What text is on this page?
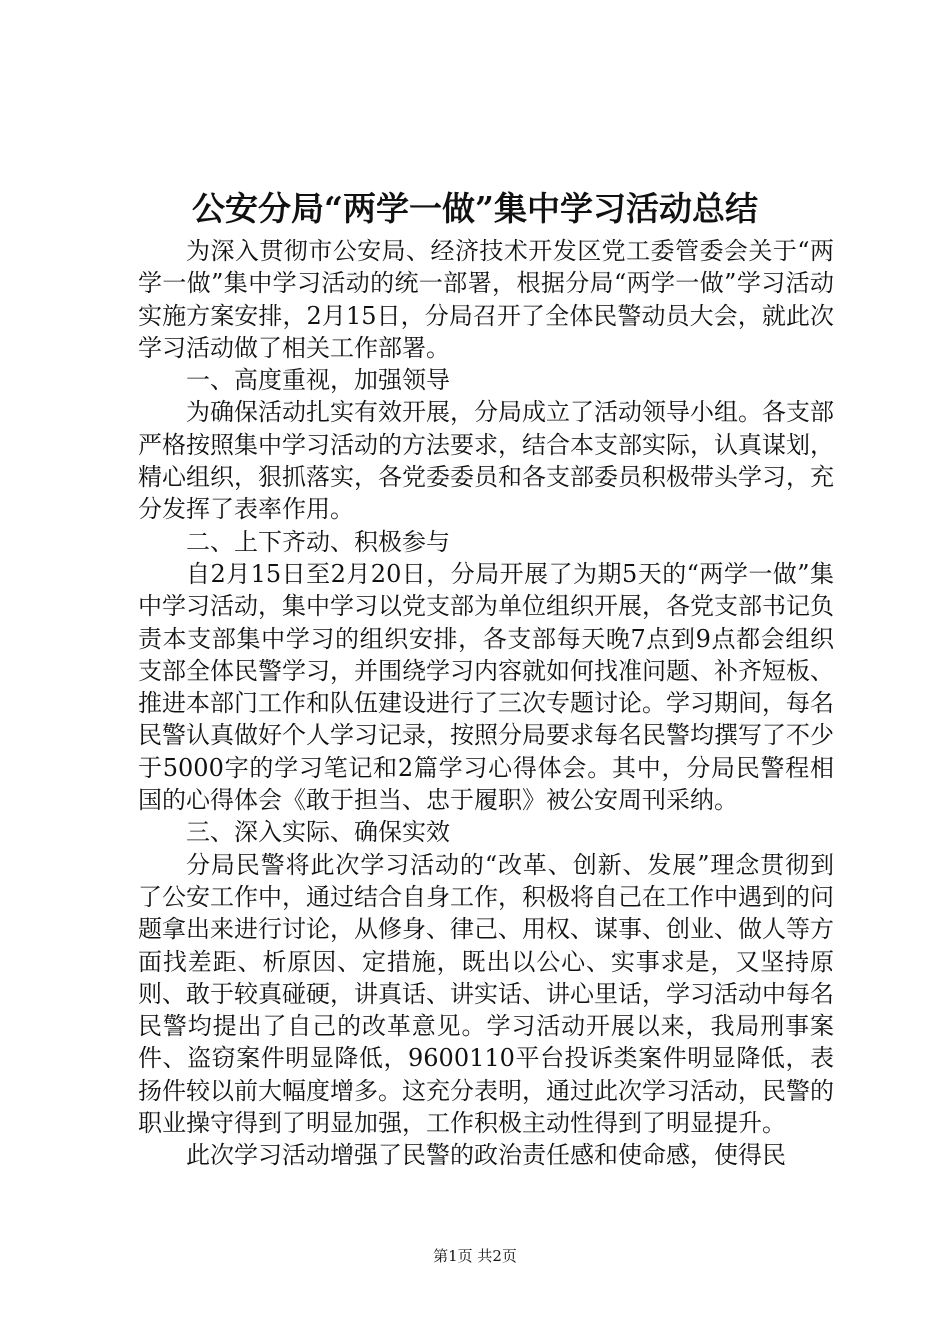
公安分局“两学一做”集中学习活动总结

为深入贯彻市公安局、经济技术开发区党工委管委会关于“两学一做”集中学习活动的统一部署，根据分局“两学一做”学习活动实施方案安排，2月15日，分局召开了全体民警动员大会，就此次学习活动做了相关工作部署。

一、高度重视，加强领导

为确保活动扎实有效开展，分局成立了活动领导小组。各支部严格按照集中学习活动的方法要求，结合本支部实际，认真谋划，精心组织，狠抓落实，各党委委员和各支部委员积极带头学习，充分发挥了表率作用。

二、上下齐动、积极参与

自2月15日至2月20日，分局开展了为期5天的“两学一做”集中学习活动，集中学习以党支部为单位组织开展，各党支部书记负责本支部集中学习的组织安排，各支部每天晚7点到9点都会组织支部全体民警学习，并围绕学习内容就如何找准问题、补齐短板、推进本部门工作和队伍建设进行了三次专题讨论。学习期间，每名民警认真做好个人学习记录，按照分局要求每名民警均撰写了不少于5000字的学习笔记和2篇学习心得体会。其中，分局民警程相国的心得体会《敢于担当、忠于履职》被公安周刊采纳。

三、深入实际、确保实效

分局民警将此次学习活动的“改革、创新、发展”理念贯彻到了公安工作中，通过结合自身工作，积极将自己在工作中遇到的问题拿出来进行讨论，从修身、律己、用权、谋事、创业、做人等方面找差距、析原因、定措施，既出以公心、实事求是，又坚持原则、敢于较真碰硬，讲真话、讲实话、讲心里话，学习活动中每名民警均提出了自己的改革意见。学习活动开展以来，我局刑事案件、盗窃案件明显降低，9600110平台投诉类案件明显降低，表扬件较以前大幅度增多。这充分表明，通过此次学习活动，民警的职业操守得到了明显加强，工作积极主动性得到了明显提升。

此次学习活动增强了民警的政治责任感和使命感，使得民

第1页 共2页
